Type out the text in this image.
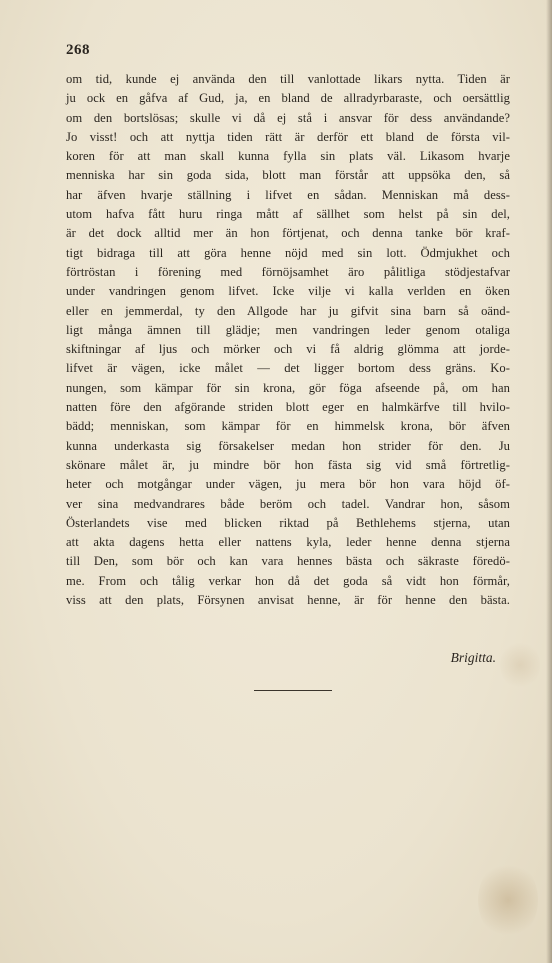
268

om tid, kunde ej använda den till vanlottade likars nytta. Tiden är
ju ock en gåfva af Gud, ja, en bland de allradyrbaraste, och oersättlig
om den bortslösas; skulle vi då ej stå i ansvar för dess användande?
Jo visst! och att nyttja tiden rätt är derför ett bland de första vil-
koren för att man skall kunna fylla sin plats väl. Likasom hvarje
menniska har sin goda sida, blott man förstår att uppsöka den, så
har äfven hvarje ställning i lifvet en sådan. Menniskan må dess-
utom hafva fått huru ringa mått af sällhet som helst på sin del,
är det dock alltid mer än hon förtjenat, och denna tanke bör kraf-
tigt bidraga till att göra henne nöjd med sin lott. Ödmjukhet och
förtröstan i förening med förnöjsamhet äro pålitliga stödjestafvar
under vandringen genom lifvet. Icke vilje vi kalla verlden en öken
eller en jemmerdal, ty den Allgode har ju gifvit sina barn så oänd-
ligt många ämnen till glädje; men vandringen leder genom otaliga
skiftningar af ljus och mörker och vi få aldrig glömma att jorde-
lifvet är vägen, icke målet — det ligger bortom dess gräns. Ko-
nungen, som kämpar för sin krona, gör föga afseende på, om han
natten före den afgörande striden blott eger en halmkärfve till hvilo-
bädd; menniskan, som kämpar för en himmelsk krona, bör äfven
kunna underkasta sig försakelser medan hon strider för den. Ju
skönare målet är, ju mindre bör hon fästa sig vid små förtretlig-
heter och motgångar under vägen, ju mera bör hon vara höjd öf-
ver sina medvandrares både beröm och tadel. Vandrar hon, såsom
Österlandets vise med blicken riktad på Bethlehems stjerna, utan
att akta dagens hetta eller nattens kyla, leder henne denna stjerna
till Den, som bör och kan vara hennes bästa och säkraste föredö-
me. From och tålig verkar hon då det goda så vidt hon förmår,
viss att den plats, Försynen anvisat henne, är för henne den bästa.

Brigitta.
